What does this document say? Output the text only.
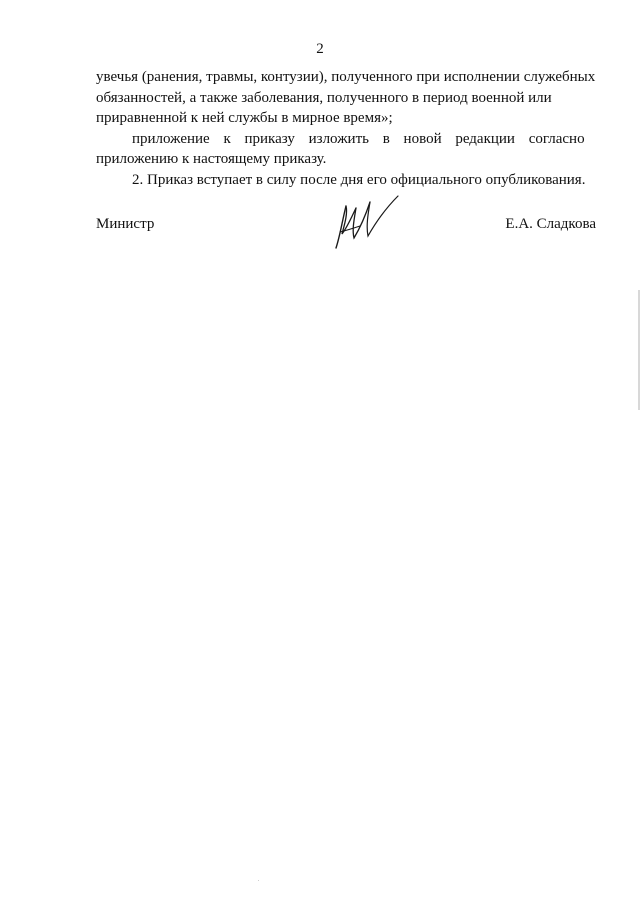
2

увечья (ранения, травмы, контузии), полученного при исполнении служебных

обязанностей, а также заболевания, полученного в период военной или

приравненной к ней службы в мирное время»;

приложение к приказу изложить в новой редакции согласно

приложению к настоящему приказу.

2. Приказ вступает в силу после дня его официального опубликования.

Министр	Е.А. Сладкова
